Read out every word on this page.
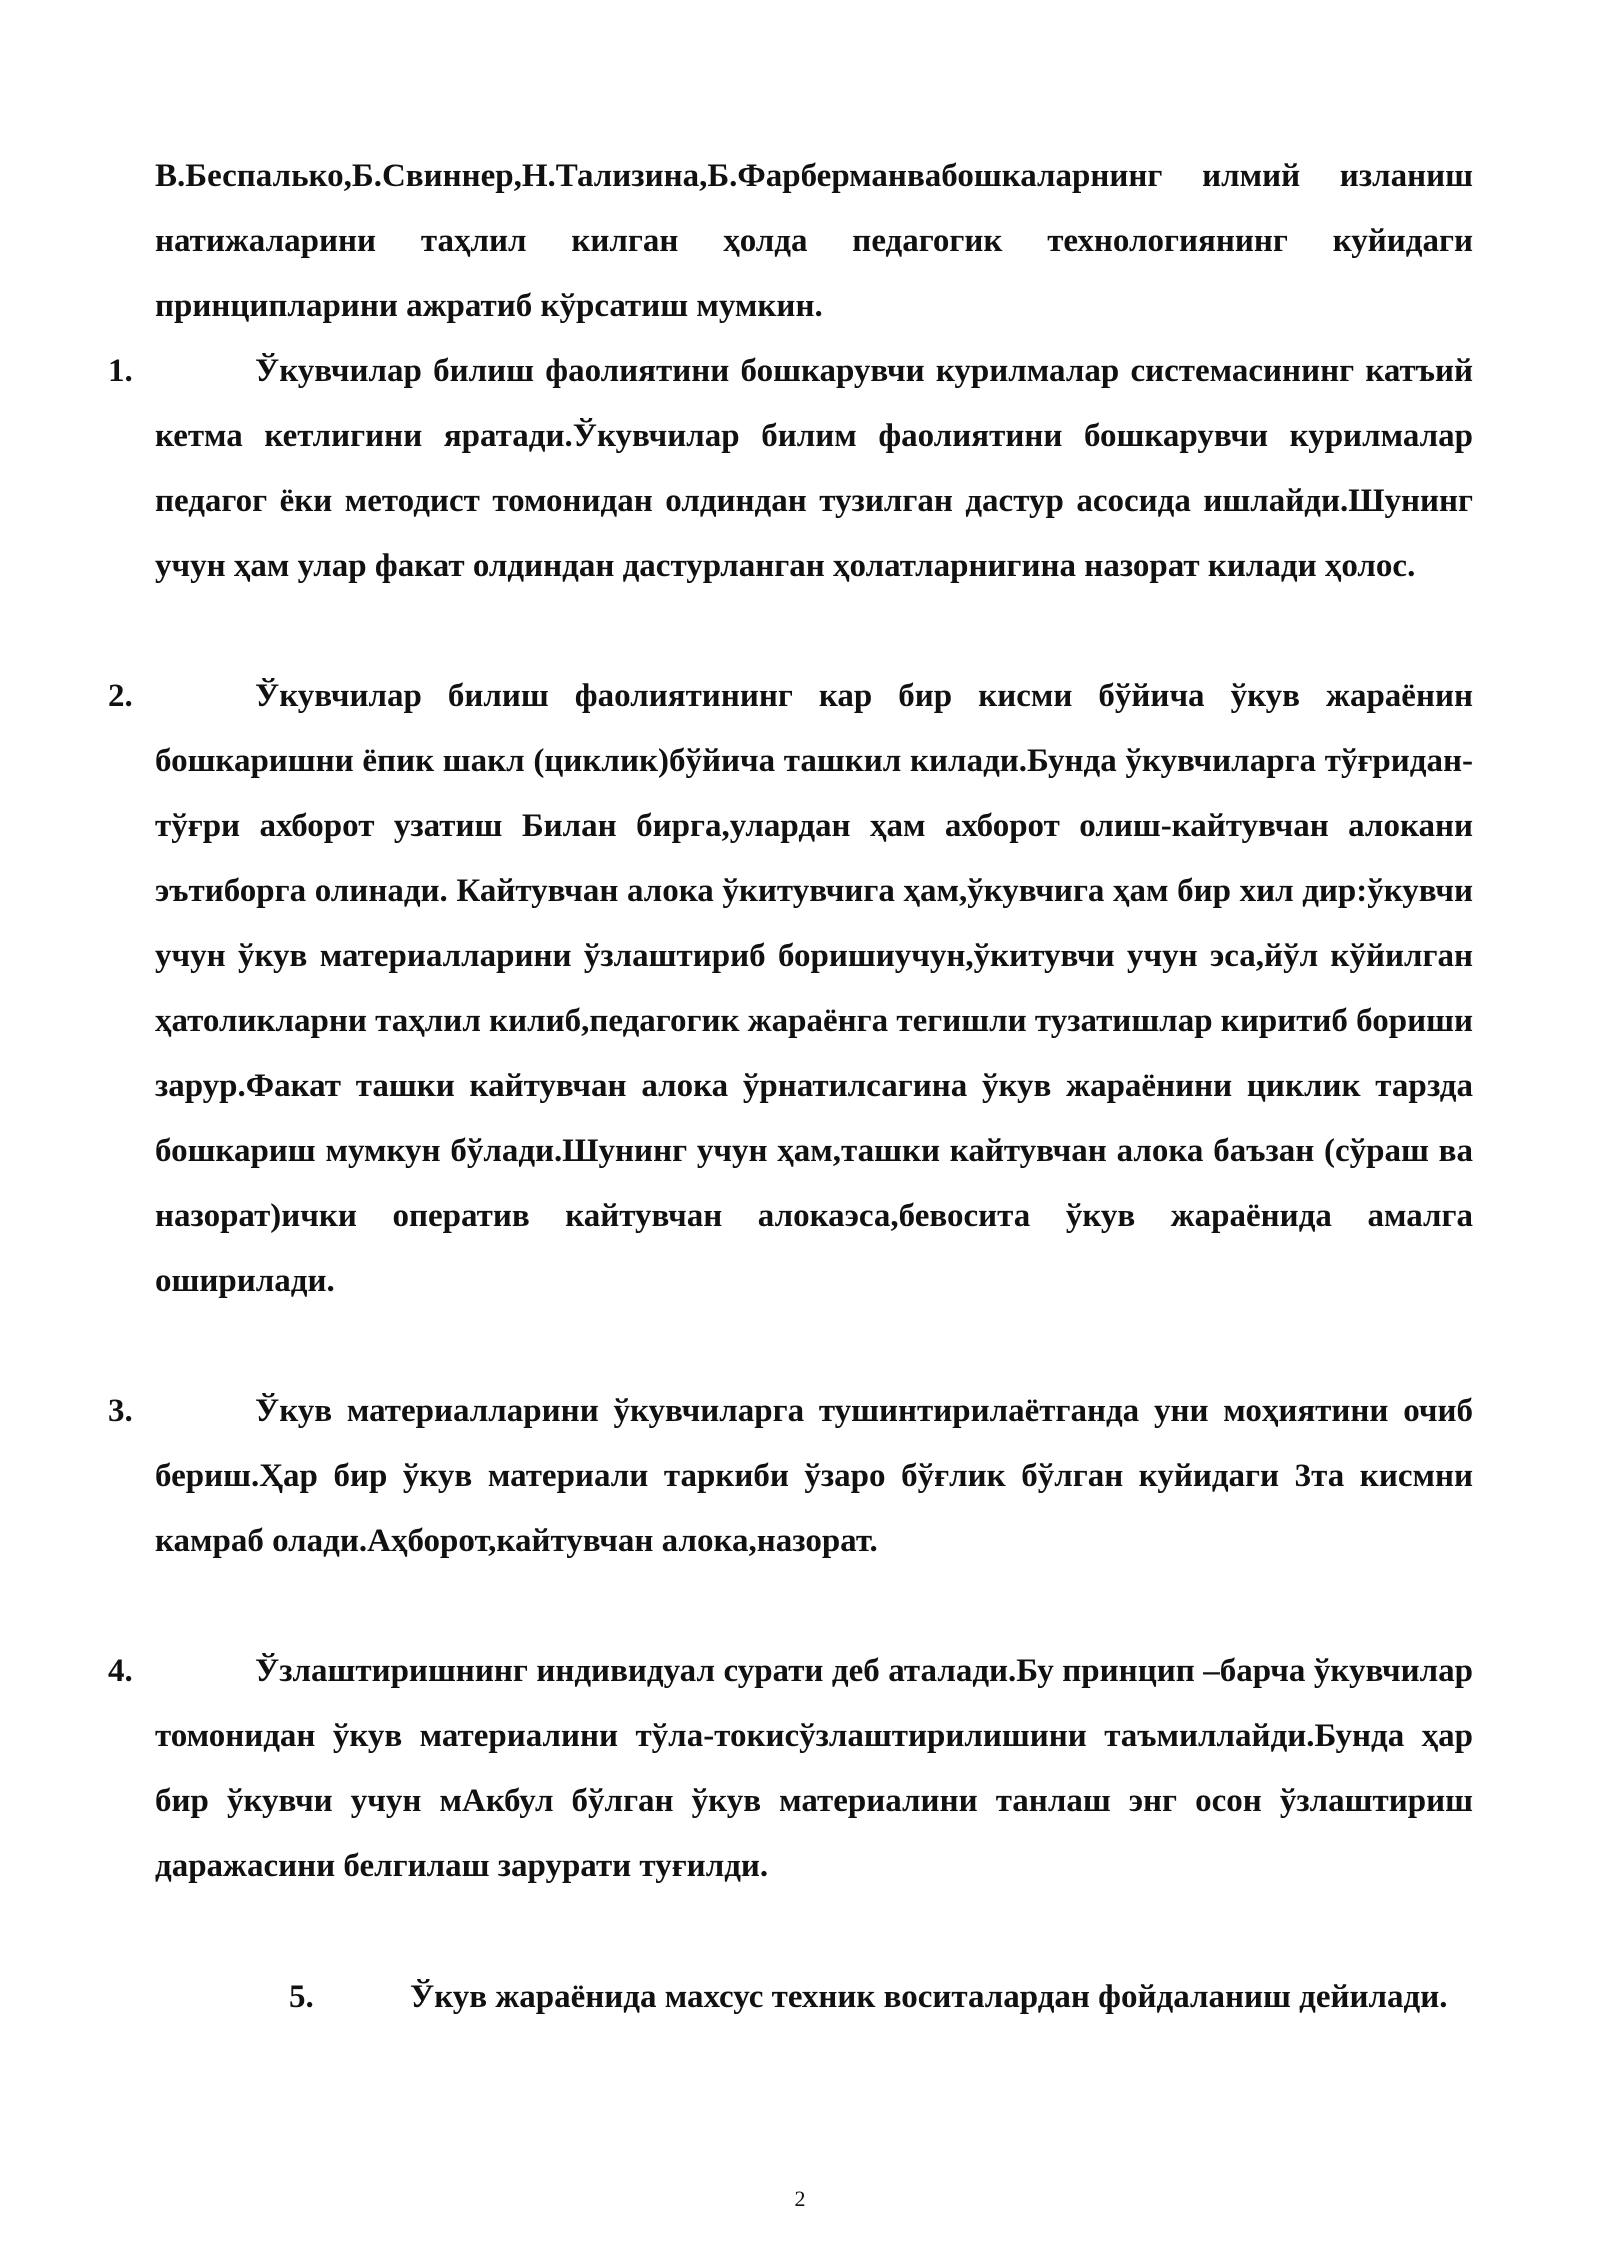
В.Беспалько,Б.Свиннер,Н.Тализина,Б.Фарберманвабошкаларнинг илмий изланиш натижаларини таҳлил килган ҳолда педагогик технологиянинг куйидаги принципларини ажратиб кўрсатиш мумкин.
1.	Ўкувчилар билиш фаолиятини бошкарувчи курилмалар системасининг катъий кетма кетлигини яратади.Ўкувчилар билим фаолиятини бошкарувчи курилмалар педагог ёки методист томонидан олдиндан тузилган дастур асосида ишлайди.Шунинг учун ҳам улар факат олдиндан дастурланган ҳолатларнигина назорат килади ҳолос.
2.	Ўкувчилар билиш фаолиятининг кар бир кисми бўйича ўкув жараёнин бошкаришни ёпик шакл (циклик)бўйича ташкил килади.Бунда ўкувчиларга тўғридан-тўғри ахборот узатиш Билан бирга,улардан ҳам ахборот олиш-кайтувчан алокани эътиборга олинади. Кайтувчан алока ўкитувчига ҳам,ўкувчига ҳам бир хил дир:ўкувчи учун ўкув материалларини ўзлаштириб боришиучун,ўкитувчи учун эса,йўл кўйилган ҳатоликларни таҳлил килиб,педагогик жараёнга тегишли тузатишлар киритиб бориши зарур.Факат ташки кайтувчан алока ўрнатилсагина ўкув жараёнини циклик тарзда бошкариш мумкун бўлади.Шунинг учун ҳам,ташки кайтувчан алока баъзан (сўраш ва назорат)ички оператив кайтувчан алокаэса,бевосита ўкув жараёнида амалга оширилади.
3.	Ўкув материалларини ўкувчиларга тушинтирилаётганда уни моҳиятини очиб бериш.Ҳар бир ўкув материали таркиби ўзаро бўғлик бўлган куйидаги 3та кисмни камраб олади.Аҳборот,кайтувчан алока,назорат.
4.	Ўзлаштиришнинг индивидуал сурати деб аталади.Бу принцип –барча ўкувчилар томонидан ўкув материалини тўла-токисўзлаштирилишини таъмиллайди.Бунда ҳар бир ўкувчи учун мАкбул бўлган ўкув материалини танлаш энг осон ўзлаштириш даражасини белгилаш зарурати туғилди.
5.	Ўкув жараёнида махсус техник воситалардан фойдаланиш дейилади.
2
